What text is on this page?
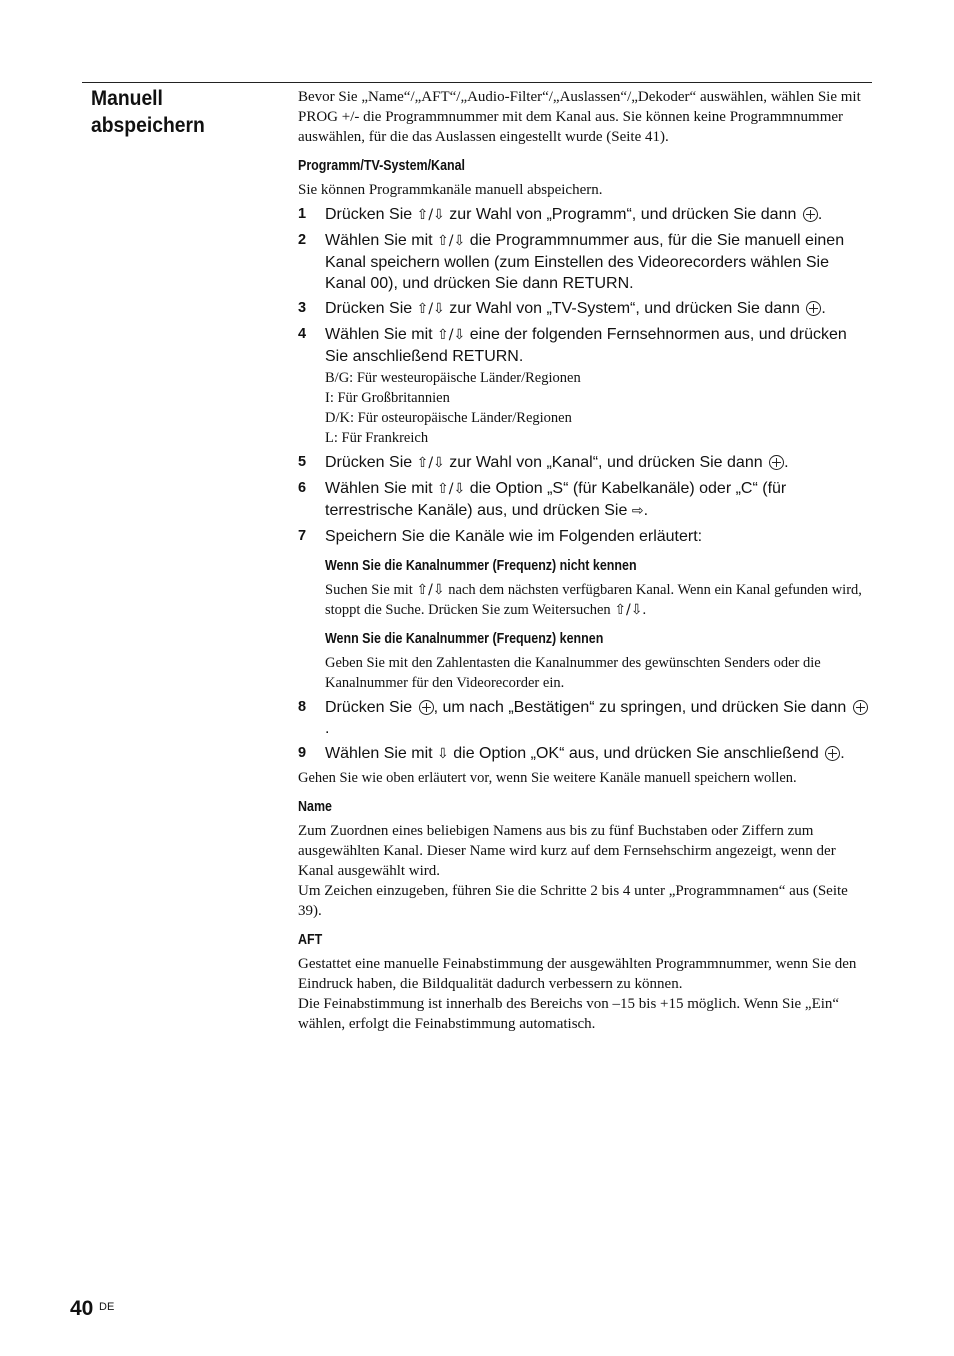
Manuell abspeichern

Bevor Sie „Name“/„AFT“/„Audio-Filter“/„Auslassen“/„Dekoder“ auswählen, wählen Sie mit PROG +/- die Programmnummer mit dem Kanal aus. Sie können keine Programmnummer auswählen, für die das Auslassen eingestellt wurde (Seite 41).

Programm/TV-System/Kanal

Sie können Programmkanäle manuell abspeichern.

1 Drücken Sie ⇧/⇩ zur Wahl von „Programm“, und drücken Sie dann .
2 Wählen Sie mit ⇧/⇩ die Programmnummer aus, für die Sie manuell einen Kanal speichern wollen (zum Einstellen des Videorecorders wählen Sie Kanal 00), und drücken Sie dann RETURN.
3 Drücken Sie ⇧/⇩ zur Wahl von „TV-System“, und drücken Sie dann .
4 Wählen Sie mit ⇧/⇩ eine der folgenden Fernsehnormen aus, und drücken Sie anschließend RETURN.
B/G: Für westeuropäische Länder/Regionen
I: Für Großbritannien
D/K: Für osteuropäische Länder/Regionen
L: Für Frankreich
5 Drücken Sie ⇧/⇩ zur Wahl von „Kanal“, und drücken Sie dann .
6 Wählen Sie mit ⇧/⇩ die Option „S“ (für Kabelkanäle) oder „C“ (für terrestrische Kanäle) aus, und drücken Sie ⇨.
7 Speichern Sie die Kanäle wie im Folgenden erläutert:
Wenn Sie die Kanalnummer (Frequenz) nicht kennen

Suchen Sie mit ⇧/⇩ nach dem nächsten verfügbaren Kanal. Wenn ein Kanal gefunden wird, stoppt die Suche. Drücken Sie zum Weitersuchen ⇧/⇩.

Wenn Sie die Kanalnummer (Frequenz) kennen

Geben Sie mit den Zahlentasten die Kanalnummer des gewünschten Senders oder die Kanalnummer für den Videorecorder ein.

8 Drücken Sie , um nach „Bestätigen“ zu springen, und drücken Sie dann .
9 Wählen Sie mit ⇩ die Option „OK“ aus, und drücken Sie anschließend .

Gehen Sie wie oben erläutert vor, wenn Sie weitere Kanäle manuell speichern wollen.

Name

Zum Zuordnen eines beliebigen Namens aus bis zu fünf Buchstaben oder Ziffern zum ausgewählten Kanal. Dieser Name wird kurz auf dem Fernsehschirm angezeigt, wenn der Kanal ausgewählt wird.

Um Zeichen einzugeben, führen Sie die Schritte 2 bis 4 unter „Programmnamen“ aus (Seite 39).

AFT

Gestattet eine manuelle Feinabstimmung der ausgewählten Programmnummer, wenn Sie den Eindruck haben, die Bildqualität dadurch verbessern zu können.

Die Feinabstimmung ist innerhalb des Bereichs von –15 bis +15 möglich. Wenn Sie „Ein“ wählen, erfolgt die Feinabstimmung automatisch.

40 DE
